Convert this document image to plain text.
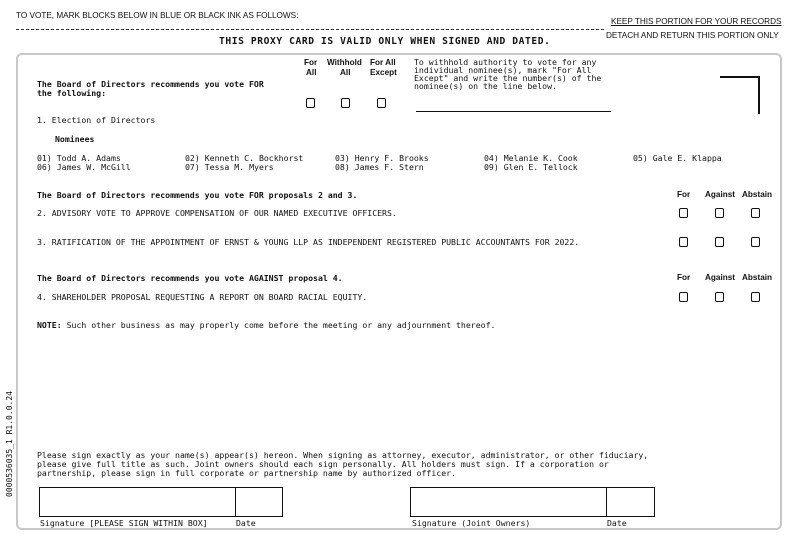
TO VOTE, MARK BLOCKS BELOW IN BLUE OR BLACK INK AS FOLLOWS:
KEEP THIS PORTION FOR YOUR RECORDS
THIS PROXY CARD IS VALID ONLY WHEN SIGNED AND DATED.
DETACH AND RETURN THIS PORTION ONLY
0000536035_1 R1.0.0.24
The Board of Directors recommends you vote FOR
the following:
For
All
Withhold
All
For All
Except
To withhold authority to vote for any
individual nominee(s), mark "For All
Except" and write the number(s) of the
nominee(s) on the line below.
1. Election of Directors
Nominees
01) Todd A. Adams	02) Kenneth C. Bockhorst	03) Henry F. Brooks	04) Melanie K. Cook	05) Gale E. Klappa
06) James W. McGill	07) Tessa M. Myers	08) James F. Stern	09) Glen E. Tellock
The Board of Directors recommends you vote FOR proposals 2 and 3.	For Against Abstain
2. ADVISORY VOTE TO APPROVE COMPENSATION OF OUR NAMED EXECUTIVE OFFICERS.
3. RATIFICATION OF THE APPOINTMENT OF ERNST & YOUNG LLP AS INDEPENDENT REGISTERED PUBLIC ACCOUNTANTS FOR 2022.
The Board of Directors recommends you vote AGAINST proposal 4.	For Against Abstain
4. SHAREHOLDER PROPOSAL REQUESTING A REPORT ON BOARD RACIAL EQUITY.
NOTE: Such other business as may properly come before the meeting or any adjournment thereof.
Please sign exactly as your name(s) appear(s) hereon. When signing as attorney, executor, administrator, or other fiduciary,
please give full title as such. Joint owners should each sign personally. All holders must sign. If a corporation or
partnership, please sign in full corporate or partnership name by authorized officer.
Signature [PLEASE SIGN WITHIN BOX]	Date	Signature (Joint Owners)	Date
